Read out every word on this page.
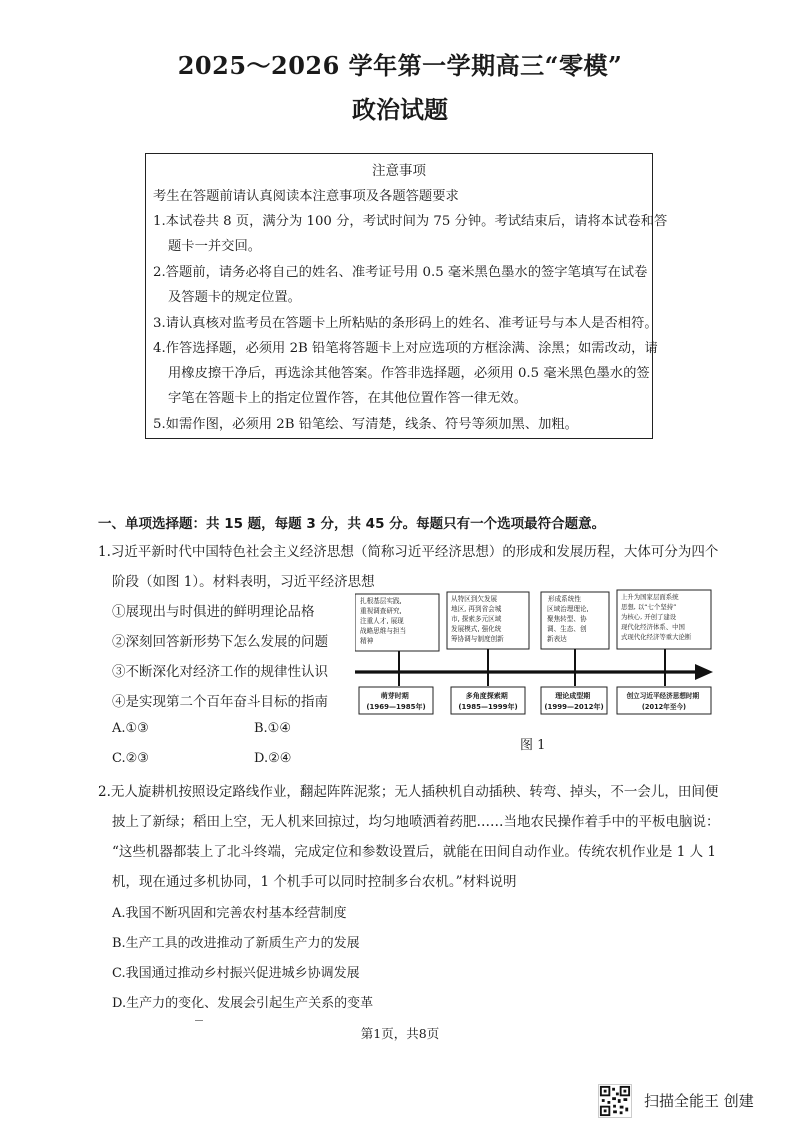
2025～2026 学年第一学期高三“零模”
政治试题
注意事项
考生在答题前请认真阅读本注意事项及各题答题要求
1.本试卷共 8 页，满分为 100 分，考试时间为 75 分钟。考试结束后，请将本试卷和答
题卡一并交回。
2.答题前，请务必将自己的姓名、准考证号用 0.5 毫米黑色墨水的签字笔填写在试卷
及答题卡的规定位置。
3.请认真核对监考员在答题卡上所粘贴的条形码上的姓名、准考证号与本人是否相符。
4.作答选择题，必须用 2B 铅笔将答题卡上对应选项的方框涂满、涂黑；如需改动，请
用橡皮擦干净后，再选涂其他答案。作答非选择题，必须用 0.5 毫米黑色墨水的签
字笔在答题卡上的指定位置作答，在其他位置作答一律无效。
5.如需作图，必须用 2B 铅笔绘、写清楚，线条、符号等须加黑、加粗。
一、单项选择题：共 15 题，每题 3 分，共 45 分。每题只有一个选项最符合题意。
1.习近平新时代中国特色社会主义经济思想（简称习近平经济思想）的形成和发展历程，大体可分为四个
阶段（如图 1）。材料表明，习近平经济思想
①展现出与时俱进的鲜明理论品格
②深刻回答新形势下怎么发展的问题
③不断深化对经济工作的规律性认识
④是实现第二个百年奋斗目标的指南
A.①③	B.①④
C.②③	D.②④
扎根基层实践, 重视调查研究, 注重人才, 展现 战略思维与担当 精神
从特区到欠发展 地区, 再到省会城 市, 探索多元区域 发展模式, 强化统 筹协调与制度创新
形成系统性 区域治理理论, 聚焦转型、协 调、生态、创 新表达
上升为国家层面系统 思想, 以“七个坚持” 为核心, 开创了建设 现代化经济体系、中国 式现代化经济等重大论断
萌芽时期 (1969—1985年)
多角度探索期 (1985—1999年)
理论成型期 (1999—2012年)
创立习近平经济思想时期 (2012年至今)
图 1
2.无人旋耕机按照设定路线作业，翻起阵阵泥浆；无人插秧机自动插秧、转弯、掉头，不一会儿，田间便
披上了新绿；稻田上空，无人机来回掠过，均匀地喷洒着药肥……当地农民操作着手中的平板电脑说：
“这些机器都装上了北斗终端，完成定位和参数设置后，就能在田间自动作业。传统农机作业是 1 人 1
机，现在通过多机协同，1 个机手可以同时控制多台农机。”材料说明
A.我国不断巩固和完善农村基本经营制度
B.生产工具的改进推动了新质生产力的发展
C.我国通过推动乡村振兴促进城乡协调发展
D.生产力的变化、发展会引起生产关系的变革
第1页，共8页
扫描全能王 创建
